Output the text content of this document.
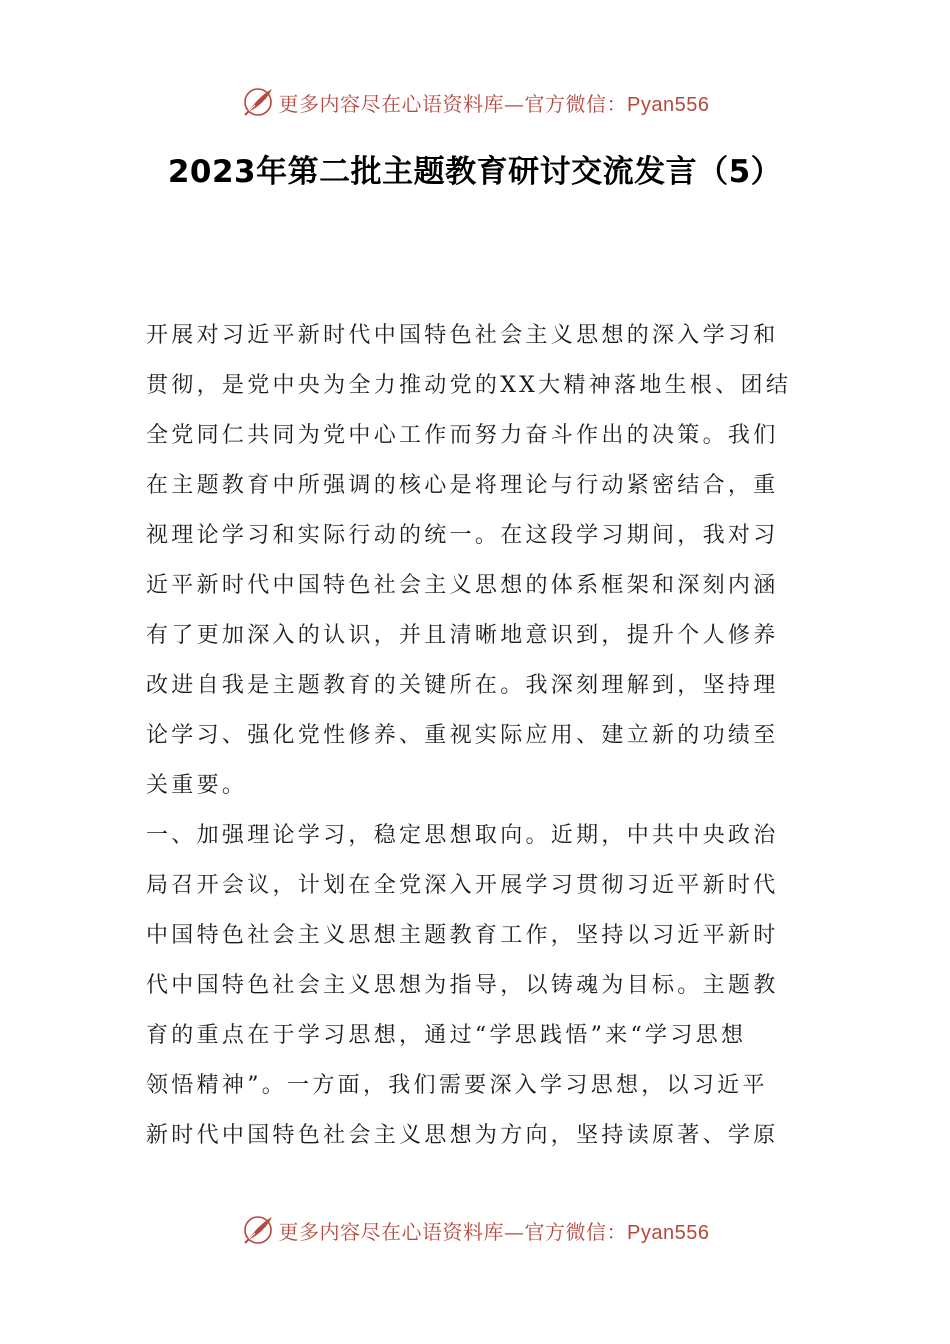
更多内容尽在心语资料库—官方微信：Pyan556
2023年第二批主题教育研讨交流发言（5）
开展对习近平新时代中国特色社会主义思想的深入学习和
贯彻，是党中央为全力推动党的XX大精神落地生根、团结
全党同仁共同为党中心工作而努力奋斗作出的决策。我们
在主题教育中所强调的核心是将理论与行动紧密结合，重
视理论学习和实际行动的统一。在这段学习期间，我对习
近平新时代中国特色社会主义思想的体系框架和深刻内涵
有了更加深入的认识，并且清晰地意识到，提升个人修养
改进自我是主题教育的关键所在。我深刻理解到，坚持理
论学习、强化党性修养、重视实际应用、建立新的功绩至
关重要。
一、加强理论学习，稳定思想取向。近期，中共中央政治
局召开会议，计划在全党深入开展学习贯彻习近平新时代
中国特色社会主义思想主题教育工作，坚持以习近平新时
代中国特色社会主义思想为指导，以铸魂为目标。主题教
育的重点在于学习思想，通过“学思践悟”来“学习思想
领悟精神”。一方面，我们需要深入学习思想，以习近平
新时代中国特色社会主义思想为方向，坚持读原著、学原
更多内容尽在心语资料库—官方微信：Pyan556
